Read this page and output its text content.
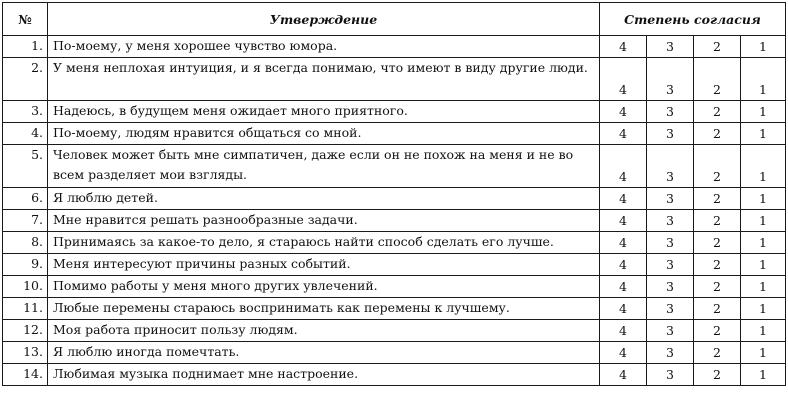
№	Утверждение	Степень согласия			
1.	По-моему, у меня хорошее чувство юмора.	4	3	2	1
2.	У меня неплохая интуиция, и я всегда понимаю, что имеют в виду другие люди.	4	3	2	1
3.	Надеюсь, в будущем меня ожидает много приятного.	4	3	2	1
4.	По-моему, людям нравится общаться со мной.	4	3	2	1
5.	Человек может быть мне симпатичен, даже если он не похож на меня и не во всем разделяет мои взгляды.	4	3	2	1
6.	Я люблю детей.	4	3	2	1
7.	Мне нравится решать разнообразные задачи.	4	3	2	1
8.	Принимаясь за какое-то дело, я стараюсь найти способ сделать его лучше.	4	3	2	1
9.	Меня интересуют причины разных событий.	4	3	2	1
10.	Помимо работы у меня много других увлечений.	4	3	2	1
11.	Любые перемены стараюсь воспринимать как перемены к лучшему.	4	3	2	1
12.	Моя работа приносит пользу людям.	4	3	2	1
13.	Я люблю иногда помечтать.	4	3	2	1
14.	Любимая музыка поднимает мне настроение.	4	3	2	1
